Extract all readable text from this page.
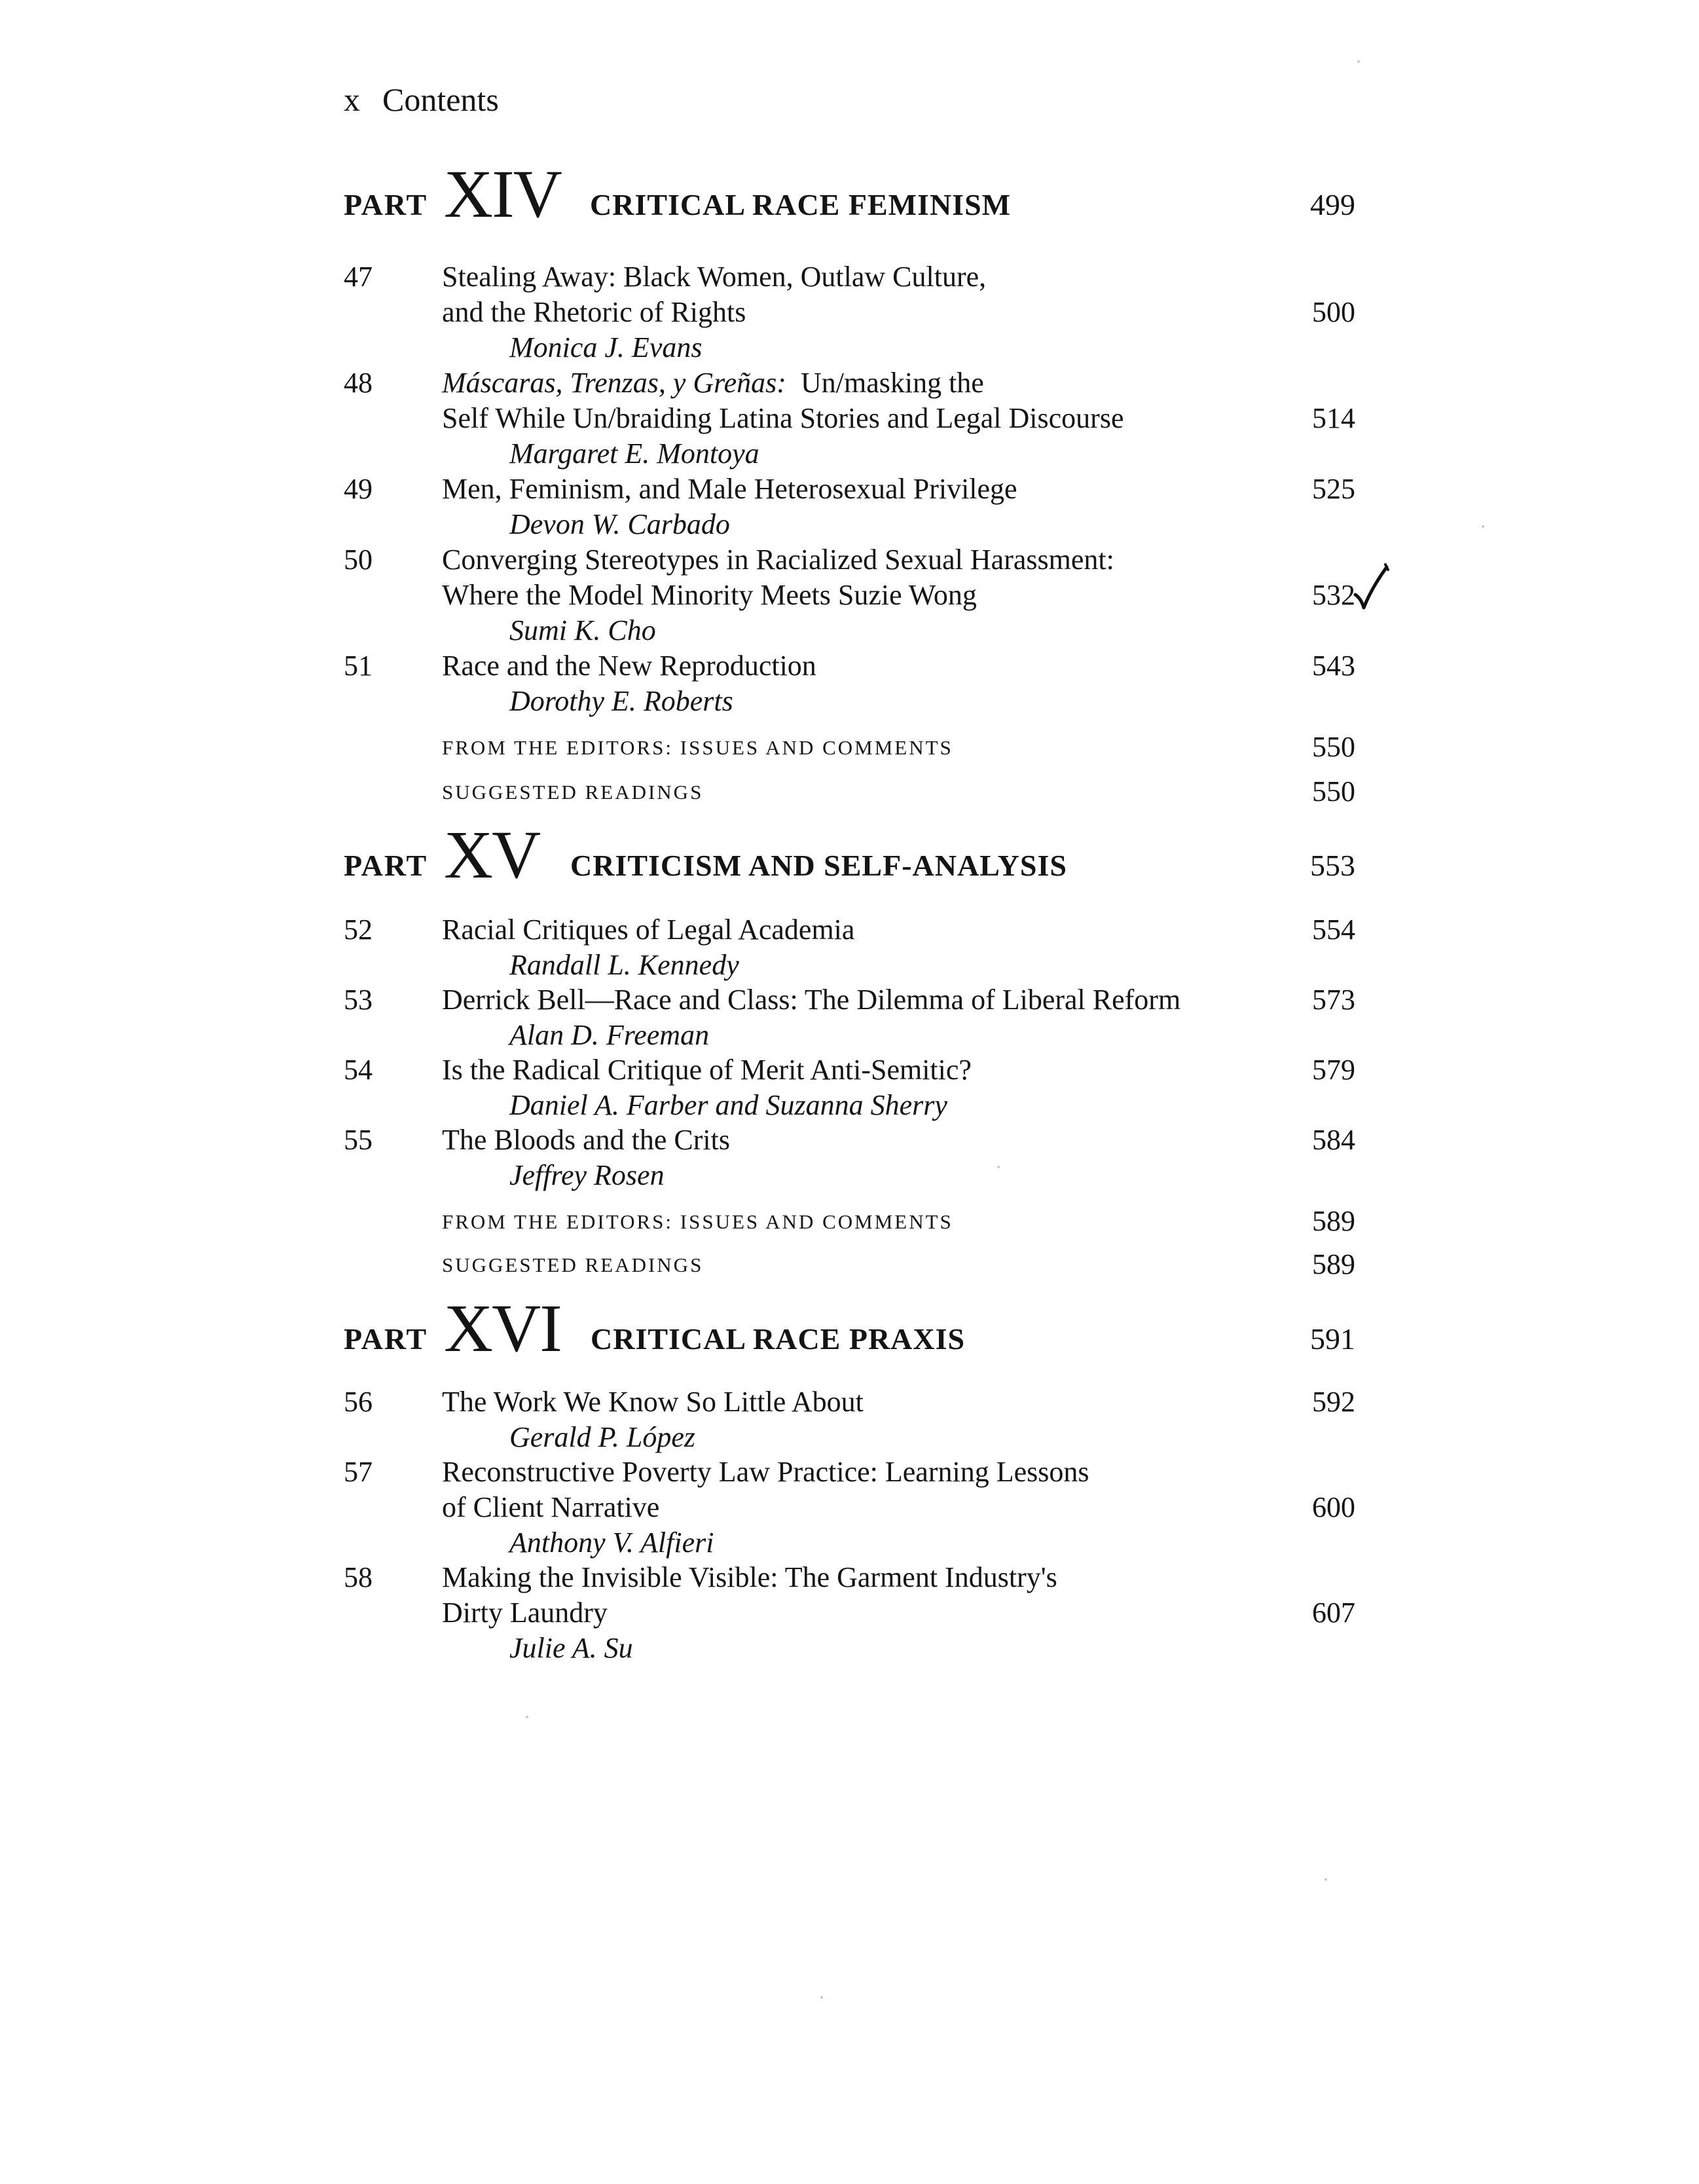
x Contents
PART XIV CRITICAL RACE FEMINISM	499
47 Stealing Away: Black Women, Outlaw Culture,
and the Rhetoric of Rights	500
Monica J. Evans
48 Máscaras, Trenzas, y Greñas: Un/masking the
Self While Un/braiding Latina Stories and Legal Discourse	514
Margaret E. Montoya
49 Men, Feminism, and Male Heterosexual Privilege	525
Devon W. Carbado
50 Converging Stereotypes in Racialized Sexual Harassment:
Where the Model Minority Meets Suzie Wong	532
Sumi K. Cho
51 Race and the New Reproduction	543
Dorothy E. Roberts
FROM THE EDITORS: ISSUES AND COMMENTS	550
SUGGESTED READINGS	550
PART XV CRITICISM AND SELF-ANALYSIS	553
52 Racial Critiques of Legal Academia	554
Randall L. Kennedy
53 Derrick Bell—Race and Class: The Dilemma of Liberal Reform	573
Alan D. Freeman
54 Is the Radical Critique of Merit Anti-Semitic?	579
Daniel A. Farber and Suzanna Sherry
55 The Bloods and the Crits	584
Jeffrey Rosen
FROM THE EDITORS: ISSUES AND COMMENTS	589
SUGGESTED READINGS	589
PART XVI CRITICAL RACE PRAXIS	591
56 The Work We Know So Little About	592
Gerald P. López
57 Reconstructive Poverty Law Practice: Learning Lessons
of Client Narrative	600
Anthony V. Alfieri
58 Making the Invisible Visible: The Garment Industry's
Dirty Laundry	607
Julie A. Su
